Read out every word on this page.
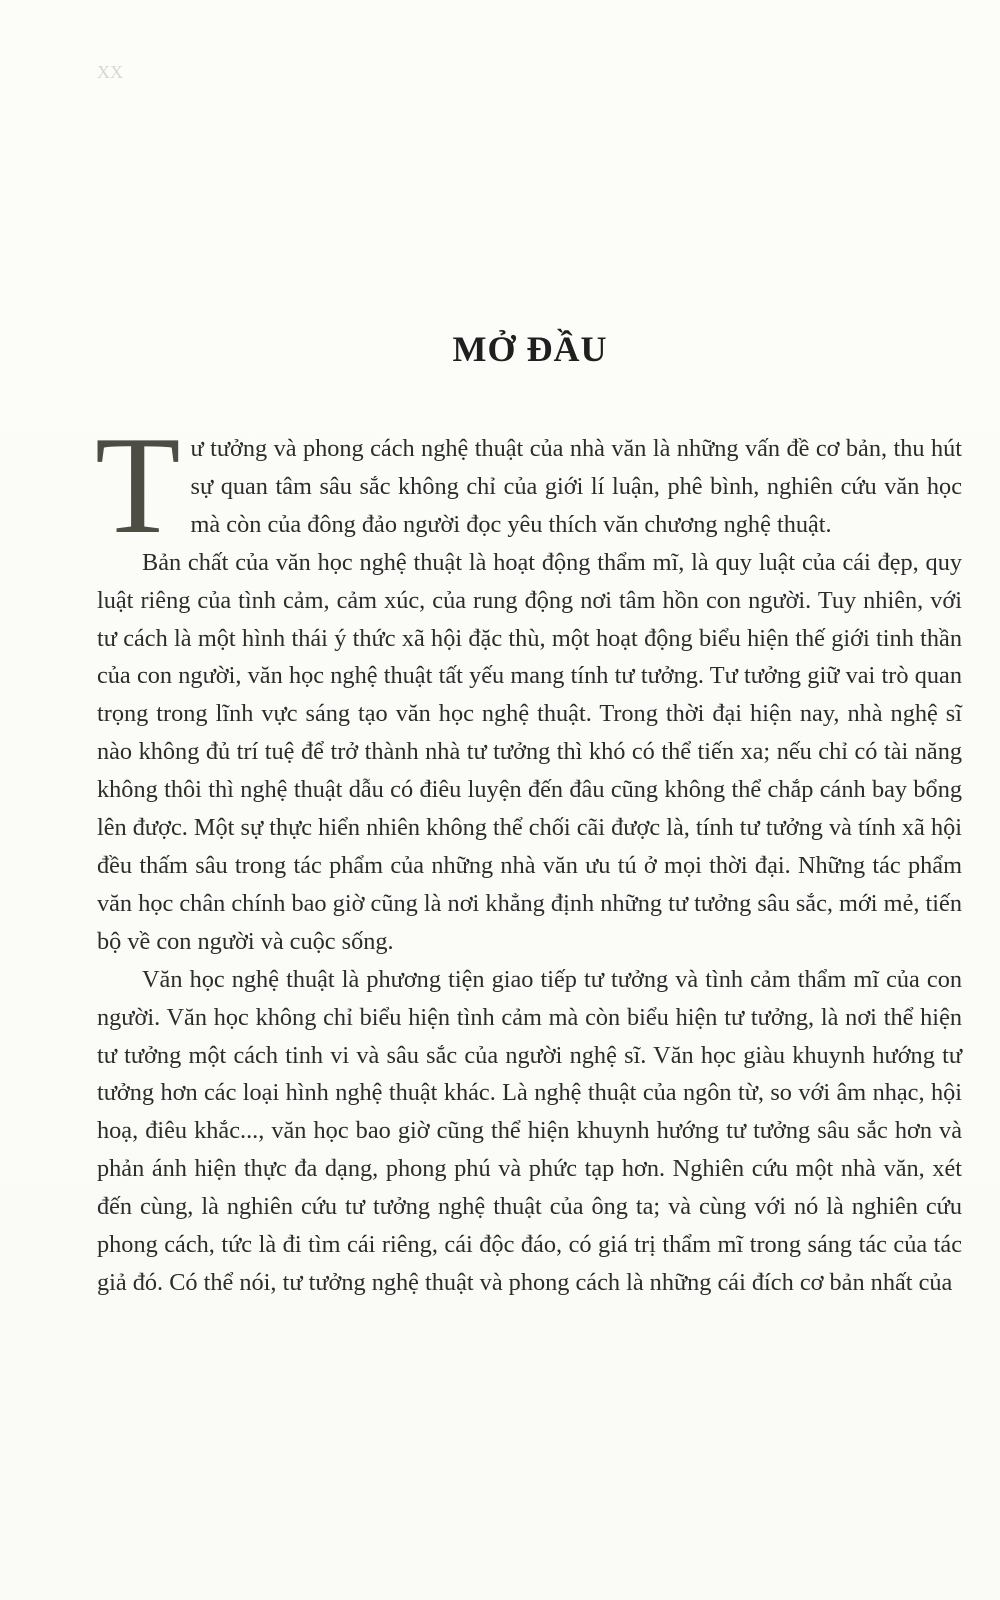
XX
MỞ ĐẦU

Tư tưởng và phong cách nghệ thuật của nhà văn là những vấn đề cơ bản, thu hút sự quan tâm sâu sắc không chỉ của giới lí luận, phê bình, nghiên cứu văn học mà còn của đông đảo người đọc yêu thích văn chương nghệ thuật.

Bản chất của văn học nghệ thuật là hoạt động thẩm mĩ, là quy luật của cái đẹp, quy luật riêng của tình cảm, cảm xúc, của rung động nơi tâm hồn con người. Tuy nhiên, với tư cách là một hình thái ý thức xã hội đặc thù, một hoạt động biểu hiện thế giới tinh thần của con người, văn học nghệ thuật tất yếu mang tính tư tưởng. Tư tưởng giữ vai trò quan trọng trong lĩnh vực sáng tạo văn học nghệ thuật. Trong thời đại hiện nay, nhà nghệ sĩ nào không đủ trí tuệ để trở thành nhà tư tưởng thì khó có thể tiến xa; nếu chỉ có tài năng không thôi thì nghệ thuật dẫu có điêu luyện đến đâu cũng không thể chắp cánh bay bổng lên được. Một sự thực hiển nhiên không thể chối cãi được là, tính tư tưởng và tính xã hội đều thấm sâu trong tác phẩm của những nhà văn ưu tú ở mọi thời đại. Những tác phẩm văn học chân chính bao giờ cũng là nơi khẳng định những tư tưởng sâu sắc, mới mẻ, tiến bộ về con người và cuộc sống.

Văn học nghệ thuật là phương tiện giao tiếp tư tưởng và tình cảm thẩm mĩ của con người. Văn học không chỉ biểu hiện tình cảm mà còn biểu hiện tư tưởng, là nơi thể hiện tư tưởng một cách tinh vi và sâu sắc của người nghệ sĩ. Văn học giàu khuynh hướng tư tưởng hơn các loại hình nghệ thuật khác. Là nghệ thuật của ngôn từ, so với âm nhạc, hội hoạ, điêu khắc..., văn học bao giờ cũng thể hiện khuynh hướng tư tưởng sâu sắc hơn và phản ánh hiện thực đa dạng, phong phú và phức tạp hơn. Nghiên cứu một nhà văn, xét đến cùng, là nghiên cứu tư tưởng nghệ thuật của ông ta; và cùng với nó là nghiên cứu phong cách, tức là đi tìm cái riêng, cái độc đáo, có giá trị thẩm mĩ trong sáng tác của tác giả đó. Có thể nói, tư tưởng nghệ thuật và phong cách là những cái đích cơ bản nhất của
